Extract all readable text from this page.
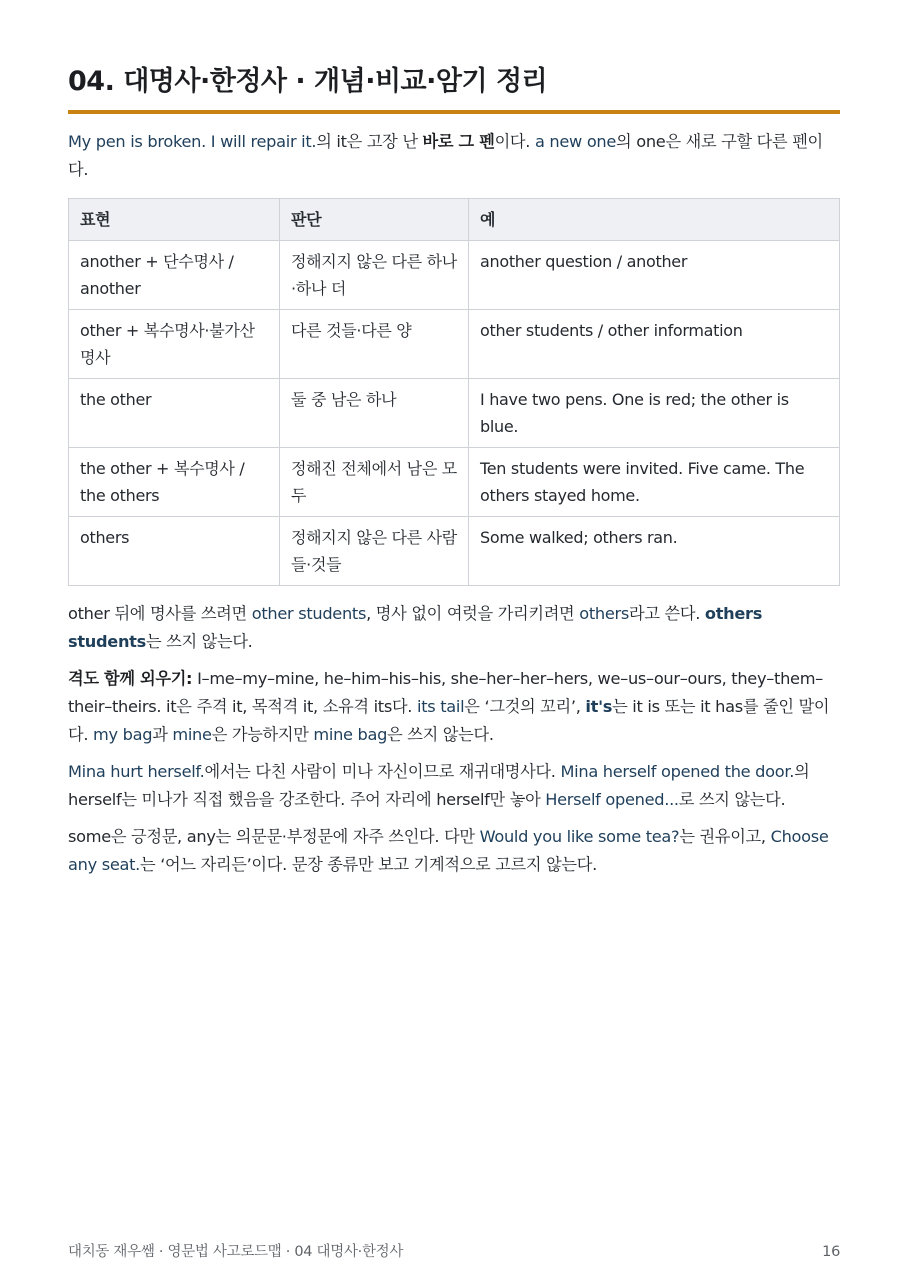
04. 대명사·한정사 · 개념·비교·암기 정리

My pen is broken. I will repair it.의 it은 고장 난 바로 그 펜이다. a new one의 one은 새로 구할 다른 펜이다.

표현	판단	예
another + 단수명사 / another	정해지지 않은 다른 하나·하나 더	another question / another
other + 복수명사·불가산명사	다른 것들·다른 양	other students / other information
the other	둘 중 남은 하나	I have two pens. One is red; the other is blue.
the other + 복수명사 / the others	정해진 전체에서 남은 모두	Ten students were invited. Five came. The others stayed home.
others	정해지지 않은 다른 사람들·것들	Some walked; others ran.

other 뒤에 명사를 쓰려면 other students, 명사 없이 여럿을 가리키려면 others라고 쓴다. others students는 쓰지 않는다.

격도 함께 외우기: I–me–my–mine, he–him–his–his, she–her–her–hers, we–us–our–ours, they–them–their–theirs. it은 주격 it, 목적격 it, 소유격 its다. its tail은 ‘그것의 꼬리’, it's는 it is 또는 it has를 줄인 말이다. my bag과 mine은 가능하지만 mine bag은 쓰지 않는다.

Mina hurt herself.에서는 다친 사람이 미나 자신이므로 재귀대명사다. Mina herself opened the door.의 herself는 미나가 직접 했음을 강조한다. 주어 자리에 herself만 놓아 Herself opened...로 쓰지 않는다.

some은 긍정문, any는 의문문·부정문에 자주 쓰인다. 다만 Would you like some tea?는 권유이고, Choose any seat.는 ‘어느 자리든’이다. 문장 종류만 보고 기계적으로 고르지 않는다.

대치동 재우쌤 · 영문법 사고로드맵 · 04 대명사·한정사	16
